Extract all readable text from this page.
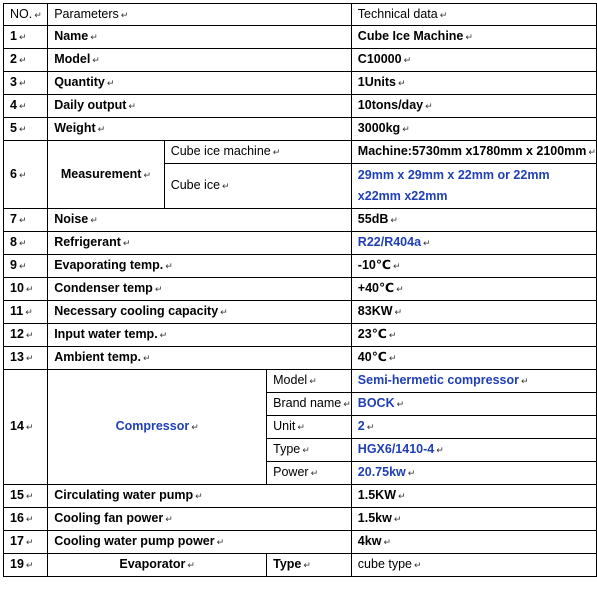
NO. ↵	Parameters ↵			Technical data ↵
1 ↵	Name ↵			Cube Ice Machine ↵
2 ↵	Model ↵			C10000 ↵
3 ↵	Quantity ↵			1Units ↵
4 ↵	Daily output ↵			10tons/day ↵
5 ↵	Weight ↵			3000kg ↵
6 ↵	Measurement ↵	Cube ice machine ↵		Machine:5730mm x1780mm x 2100mm ↵
		Cube ice ↵		29mm x 29mm x 22mm or 22mm x22mm x22mm
7 ↵	Noise ↵			55dB ↵
8 ↵	Refrigerant ↵			R22/R404a ↵
9 ↵	Evaporating temp. ↵			-10℃ ↵
10 ↵	Condenser temp ↵			+40℃ ↵
11 ↵	Necessary cooling capacity ↵			83KW ↵
12 ↵	Input water temp. ↵			23℃ ↵
13 ↵	Ambient temp. ↵			40℃ ↵
14 ↵	Compressor ↵		Model ↵	Semi-hermetic compressor ↵
			Brand name ↵	BOCK ↵
			Unit ↵	2 ↵
			Type ↵	HGX6/1410-4 ↵
			Power ↵	20.75kw ↵
15 ↵	Circulating water pump ↵			1.5KW ↵
16 ↵	Cooling fan power ↵			1.5kw ↵
17 ↵	Cooling water pump power ↵			4kw ↵
19 ↵	Evaporator ↵		Type ↵	cube type ↵
